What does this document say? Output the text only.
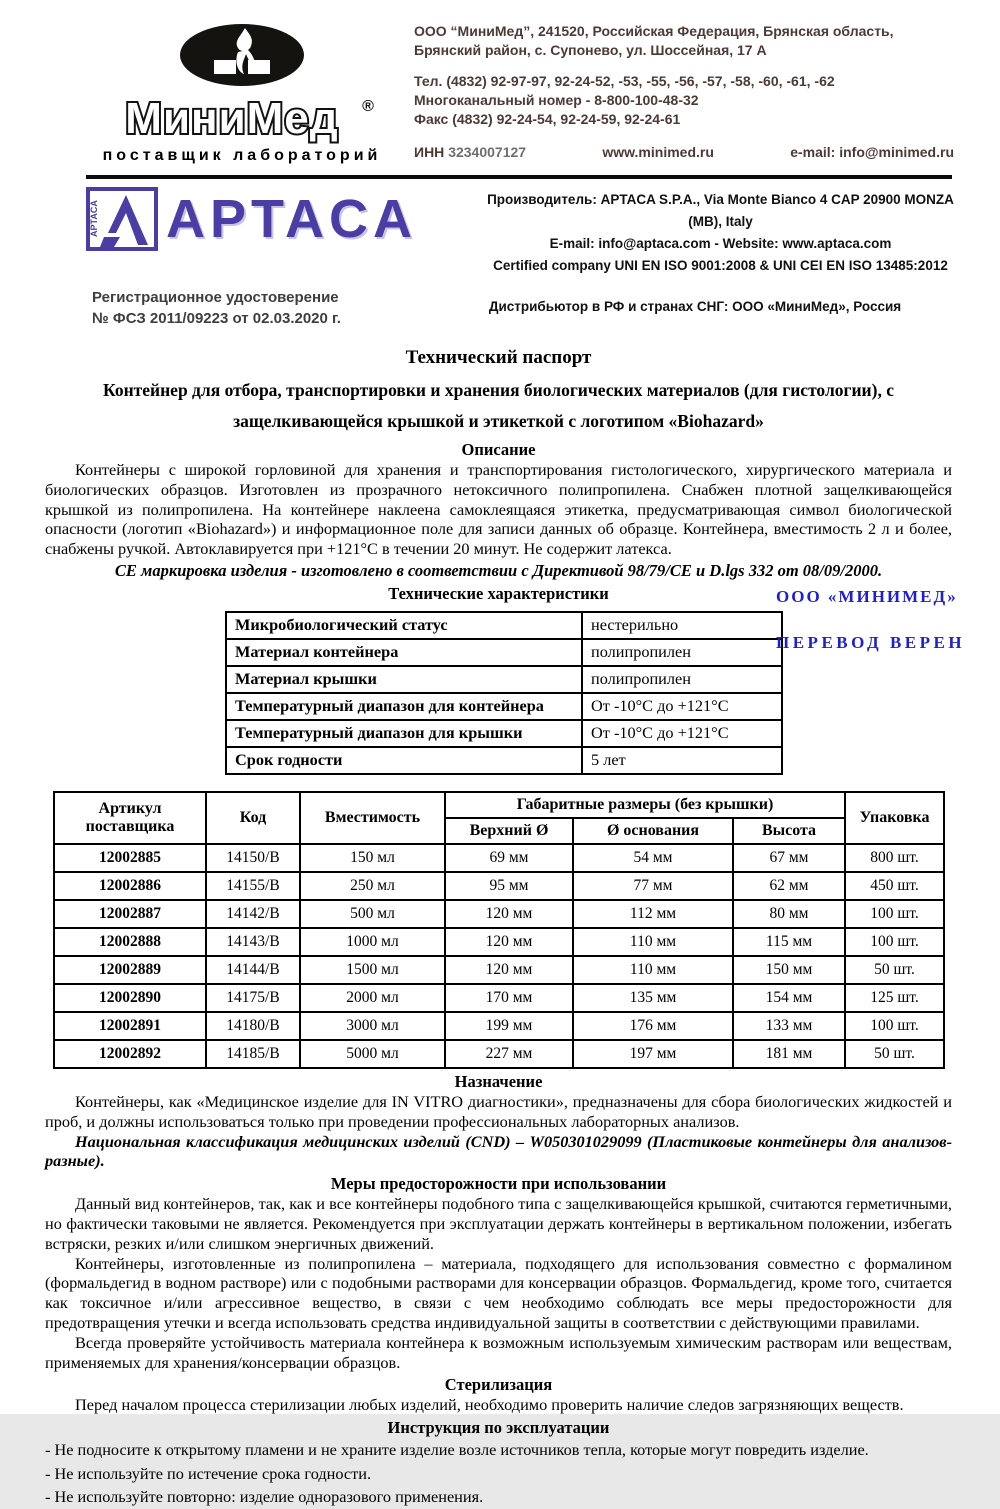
МиниМед ®
поставщик лабораторий
ООО “МиниМед”, 241520, Российская Федерация, Брянская область,
Брянский район, с. Супонево, ул. Шоссейная, 17 А
Тел. (4832) 92-97-97, 92-24-52, -53, -55, -56, -57, -58, -60, -61, -62
Многоканальный номер - 8-800-100-48-32
Факс (4832) 92-24-54, 92-24-59, 92-24-61
ИНН 3234007127	www.minimed.ru	e-mail: info@minimed.ru
APTACA APTACA	Производитель: APTACA S.P.A., Via Monte Bianco 4 CAP 20900 MONZA (MB), Italy
E-mail: info@aptaca.com - Website: www.aptaca.com
Certified company UNI EN ISO 9001:2008 & UNI CEI EN ISO 13485:2012
Регистрационное удостоверение
№ ФСЗ 2011/09223 от 02.03.2020 г.
Дистрибьютор в РФ и странах СНГ: ООО «МиниМед», Россия
Технический паспорт
Контейнер для отбора, транспортировки и хранения биологических материалов (для гистологии), с защелкивающейся крышкой и этикеткой с логотипом «Biohazard»
Описание
Контейнеры с широкой горловиной для хранения и транспортирования гистологического, хирургического материала и биологических образцов. Изготовлен из прозрачного нетоксичного полипропилена. Снабжен плотной защелкивающейся крышкой из полипропилена. На контейнере наклеена самоклеящаяся этикетка, предусматривающая символ биологической опасности (логотип «Biohazard») и информационное поле для записи данных об образце. Контейнера, вместимость 2 л и более, снабжены ручкой. Автоклавируется при +121°С в течении 20 минут. Не содержит латекса.
СЕ маркировка изделия - изготовлено в соответствии с Директивой 98/79/СЕ и D.lgs 332 от 08/09/2000.
Технические характеристики
Микробиологический статус	нестерильно
Материал контейнера	полипропилен
Материал крышки	полипропилен
Температурный диапазон для контейнера	От -10°С до +121°С
Температурный диапазон для крышки	От -10°С до +121°С
Срок годности	5 лет
Артикул поставщика	Код	Вместимость	Габаритные размеры (без крышки)			Упаковка
			Верхний Ø	Ø основания	Высота	
12002885	14150/B	150 мл	69 мм	54 мм	67 мм	800 шт.
12002886	14155/B	250 мл	95 мм	77 мм	62 мм	450 шт.
12002887	14142/B	500 мл	120 мм	112 мм	80 мм	100 шт.
12002888	14143/B	1000 мл	120 мм	110 мм	115 мм	100 шт.
12002889	14144/B	1500 мл	120 мм	110 мм	150 мм	50 шт.
12002890	14175/B	2000 мл	170 мм	135 мм	154 мм	125 шт.
12002891	14180/B	3000 мл	199 мм	176 мм	133 мм	100 шт.
12002892	14185/B	5000 мл	227 мм	197 мм	181 мм	50 шт.
Назначение
Контейнеры, как «Медицинское изделие для IN VITRO диагностики», предназначены для сбора биологических жидкостей и проб, и должны использоваться только при проведении профессиональных лабораторных анализов.
Национальная классификация медицинских изделий (CND) – W050301029099 (Пластиковые контейнеры для анализов- разные).
Меры предосторожности при использовании
Данный вид контейнеров, так, как и все контейнеры подобного типа с защелкивающейся крышкой, считаются герметичными, но фактически таковыми не является. Рекомендуется при эксплуатации держать контейнеры в вертикальном положении, избегать встряски, резких и/или слишком энергичных движений.
Контейнеры, изготовленные из полипропилена – материала, подходящего для использования совместно с формалином (формальдегид в водном растворе) или с подобными растворами для консервации образцов. Формальдегид, кроме того, считается как токсичное и/или агрессивное вещество, в связи с чем необходимо соблюдать все меры предосторожности для предотвращения утечки и всегда использовать средства индивидуальной защиты в соответствии с действующими правилами.
Всегда проверяйте устойчивость материала контейнера к возможным используемым химическим растворам или веществам, применяемых для хранения/консервации образцов.
Стерилизация
Перед началом процесса стерилизации любых изделий, необходимо проверить наличие следов загрязняющих веществ.
Инструкция по эксплуатации
- Не подносите к открытому пламени и не храните изделие возле источников тепла, которые могут повредить изделие.
- Не используйте по истечение срока годности.
- Не используйте повторно: изделие одноразового применения.
ООО «МИНИМЕД»
ПЕРЕВОД ВЕРЕН
